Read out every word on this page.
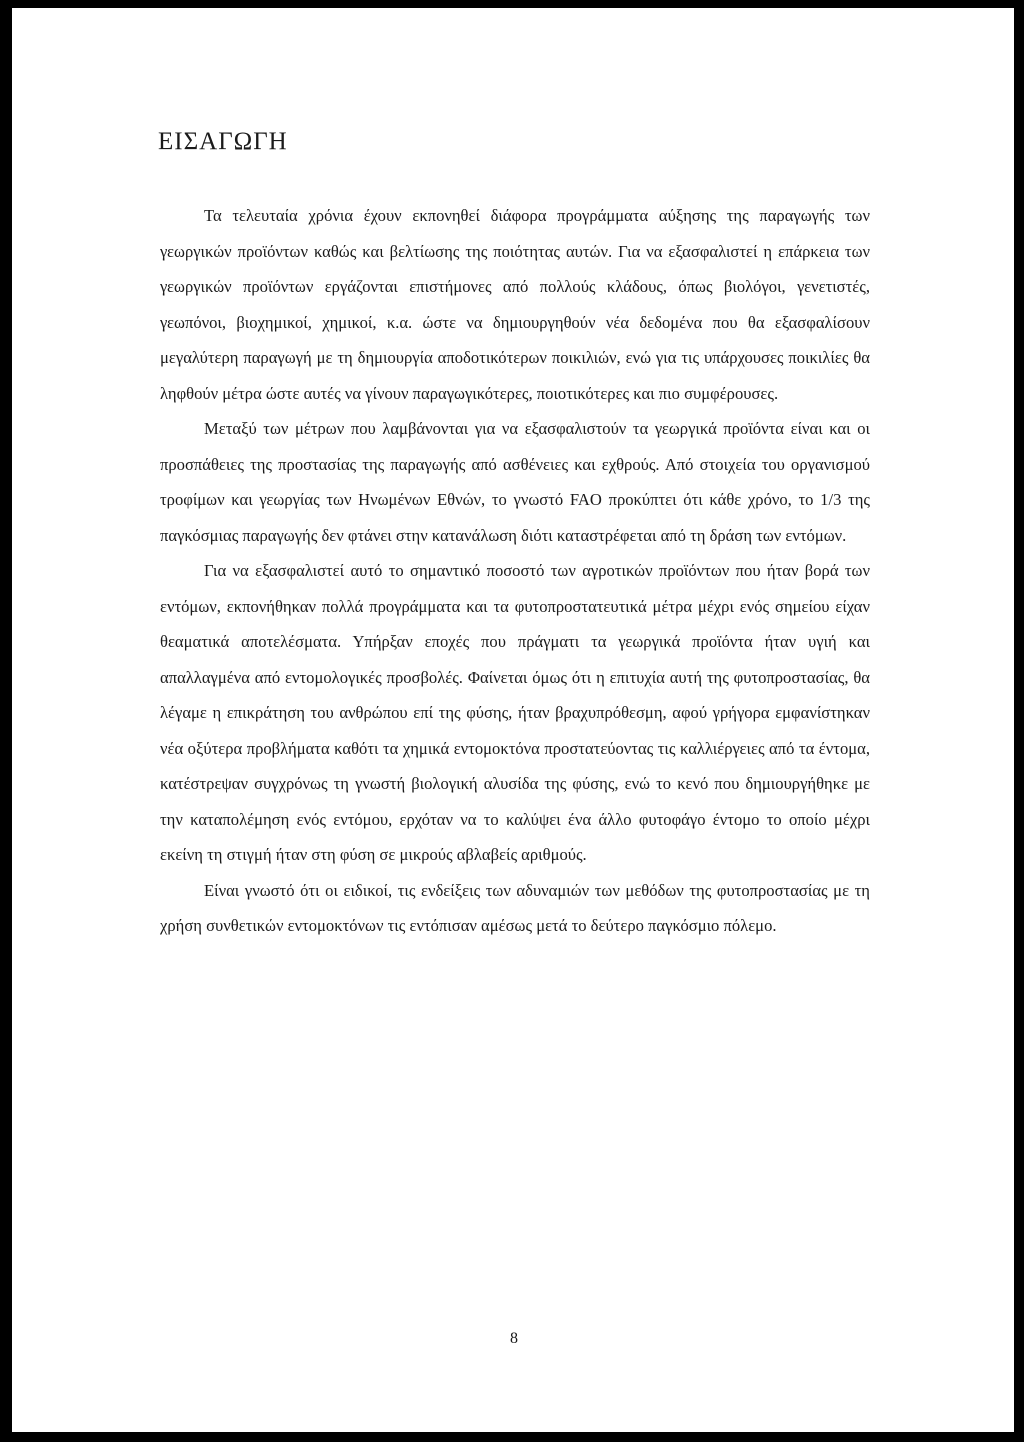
ΕΙΣΑΓΩΓΗ

Τα τελευταία χρόνια έχουν εκπονηθεί διάφορα προγράμματα αύξησης της παραγωγής των γεωργικών προϊόντων καθώς και βελτίωσης της ποιότητας αυτών. Για να εξασφαλιστεί η επάρκεια των γεωργικών προϊόντων εργάζονται επιστήμονες από πολλούς κλάδους, όπως βιολόγοι, γενετιστές, γεωπόνοι, βιοχημικοί, χημικοί, κ.α. ώστε να δημιουργηθούν νέα δεδομένα που θα εξασφαλίσουν μεγαλύτερη παραγωγή με τη δημιουργία αποδοτικότερων ποικιλιών, ενώ για τις υπάρχουσες ποικιλίες θα ληφθούν μέτρα ώστε αυτές να γίνουν παραγωγικότερες, ποιοτικότερες και πιο συμφέρουσες.

Μεταξύ των μέτρων που λαμβάνονται για να εξασφαλιστούν τα γεωργικά προϊόντα είναι και οι προσπάθειες της προστασίας της παραγωγής από ασθένειες και εχθρούς. Από στοιχεία του οργανισμού τροφίμων και γεωργίας των Ηνωμένων Εθνών, το γνωστό FAO προκύπτει ότι κάθε χρόνο, το 1/3 της παγκόσμιας παραγωγής δεν φτάνει στην κατανάλωση διότι καταστρέφεται από τη δράση των εντόμων.

Για να εξασφαλιστεί αυτό το σημαντικό ποσοστό των αγροτικών προϊόντων που ήταν βορά των εντόμων, εκπονήθηκαν πολλά προγράμματα και τα φυτοπροστατευτικά μέτρα μέχρι ενός σημείου είχαν θεαματικά αποτελέσματα. Υπήρξαν εποχές που πράγματι τα γεωργικά προϊόντα ήταν υγιή και απαλλαγμένα από εντομολογικές προσβολές. Φαίνεται όμως ότι η επιτυχία αυτή της φυτοπροστασίας, θα λέγαμε η επικράτηση του ανθρώπου επί της φύσης, ήταν βραχυπρόθεσμη, αφού γρήγορα εμφανίστηκαν νέα οξύτερα προβλήματα καθότι τα χημικά εντομοκτόνα προστατεύοντας τις καλλιέργειες από τα έντομα, κατέστρεψαν συγχρόνως τη γνωστή βιολογική αλυσίδα της φύσης, ενώ το κενό που δημιουργήθηκε με την καταπολέμηση ενός εντόμου, ερχόταν να το καλύψει ένα άλλο φυτοφάγο έντομο το οποίο μέχρι εκείνη τη στιγμή ήταν στη φύση σε μικρούς αβλαβείς αριθμούς.

Είναι γνωστό ότι οι ειδικοί, τις ενδείξεις των αδυναμιών των μεθόδων της φυτοπροστασίας με τη χρήση συνθετικών εντομοκτόνων τις εντόπισαν αμέσως μετά το δεύτερο παγκόσμιο πόλεμο.

8
